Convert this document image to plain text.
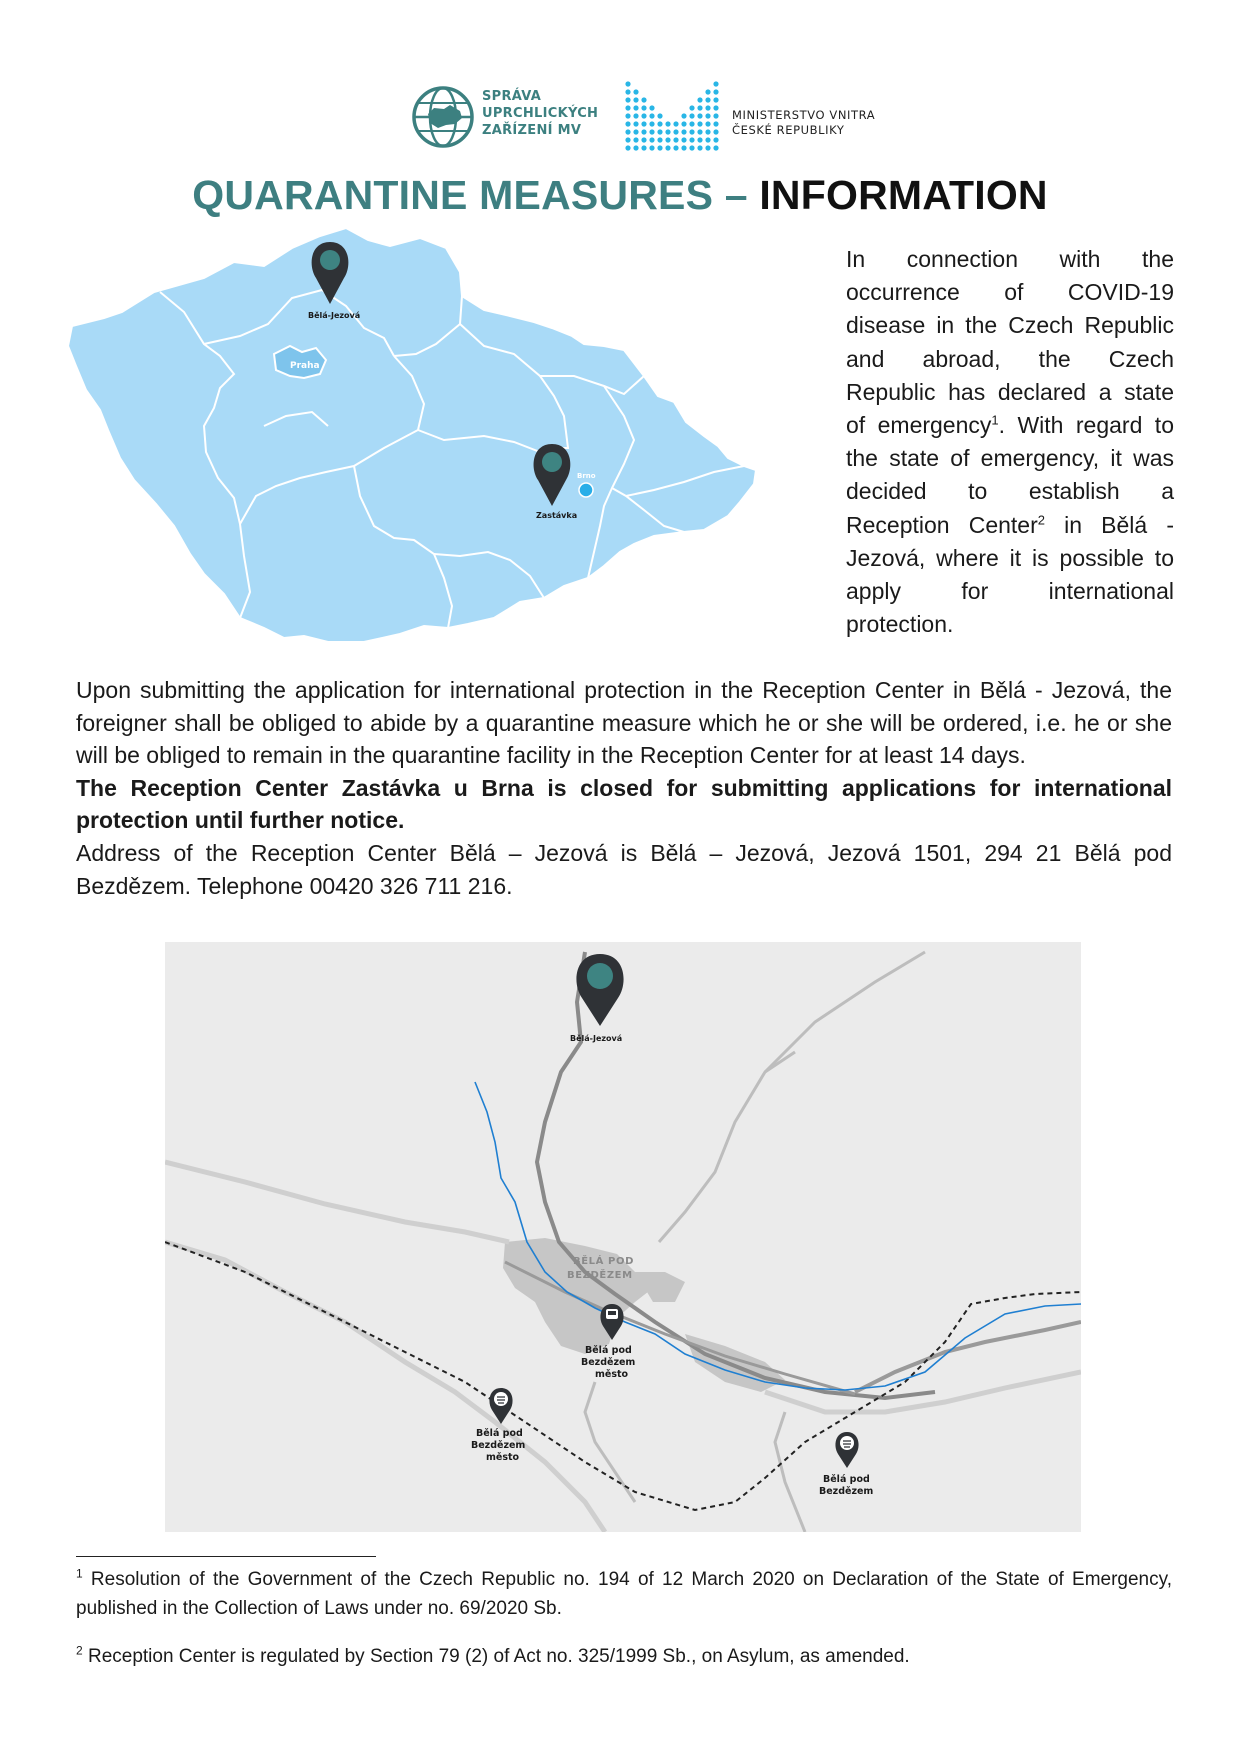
SPRÁVA
UPRCHLICKÝCH
ZAŘÍZENÍ MV
MINISTERSTVO VNITRA
ČESKÉ REPUBLIKY
QUARANTINE MEASURES – INFORMATION
Praha
Bělá-Jezová
Zastávka
Brno
In connection with the occurrence of COVID-19 disease in the Czech Republic and abroad, the Czech Republic has declared a state of emergency$^1$. With regard to the state of emergency, it was decided to establish a Reception Center$^2$ in Bělá - Jezová, where it is possible to apply for international protection.

Upon submitting the application for international protection in the Reception Center in Bělá - Jezová, the foreigner shall be obliged to abide by a quarantine measure which he or she will be ordered, i.e. he or she will be obliged to remain in the quarantine facility in the Reception Center for at least 14 days.

The Reception Center Zastávka u Brna is closed for submitting applications for international protection until further notice.

Address of the Reception Center Bělá – Jezová is Bělá – Jezová, Jezová 1501, 294 21 Bělá pod Bezdězem. Telephone 00420 326 711 216.

Bělá-Jezová
BĚLÁ POD
BEZDĚZEM
Bělá pod
Bezdězem
město
Bělá pod
Bezdězem
město
Bělá pod
Bezdězem
$^1$ Resolution of the Government of the Czech Republic no. 194 of 12 March 2020 on Declaration of the State of Emergency, published in the Collection of Laws under no. 69/2020 Sb.
$^2$ Reception Center is regulated by Section 79 (2) of Act no. 325/1999 Sb., on Asylum, as amended.
